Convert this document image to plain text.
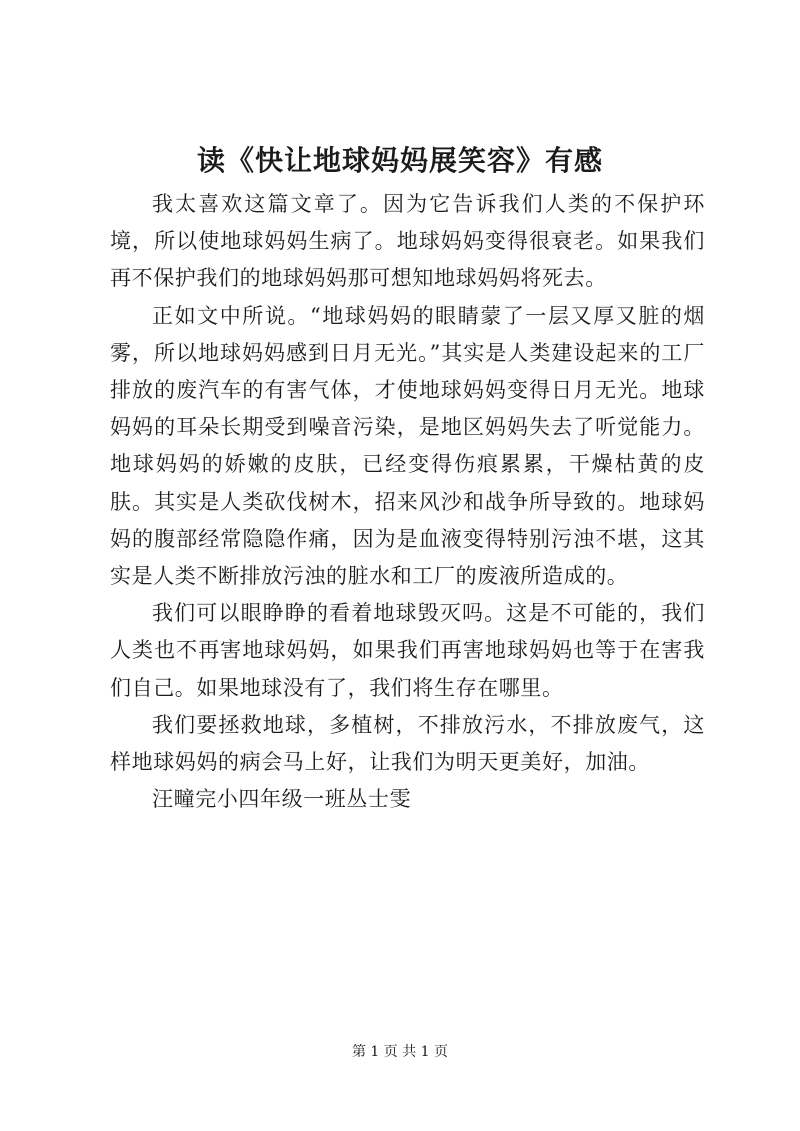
读《快让地球妈妈展笑容》有感

我太喜欢这篇文章了。因为它告诉我们人类的不保护环境，所以使地球妈妈生病了。地球妈妈变得很衰老。如果我们再不保护我们的地球妈妈那可想知地球妈妈将死去。

正如文中所说。“地球妈妈的眼睛蒙了一层又厚又脏的烟雾，所以地球妈妈感到日月无光。”其实是人类建设起来的工厂排放的废汽车的有害气体，才使地球妈妈变得日月无光。地球妈妈的耳朵长期受到噪音污染，是地区妈妈失去了听觉能力。地球妈妈的娇嫩的皮肤，已经变得伤痕累累，干燥枯黄的皮肤。其实是人类砍伐树木，招来风沙和战争所导致的。地球妈妈的腹部经常隐隐作痛，因为是血液变得特别污浊不堪，这其实是人类不断排放污浊的脏水和工厂的废液所造成的。

我们可以眼睁睁的看着地球毁灭吗。这是不可能的，我们人类也不再害地球妈妈，如果我们再害地球妈妈也等于在害我们自己。如果地球没有了，我们将生存在哪里。

我们要拯救地球，多植树，不排放污水，不排放废气，这样地球妈妈的病会马上好，让我们为明天更美好，加油。

汪疃完小四年级一班丛士雯

第 1 页 共 1 页
